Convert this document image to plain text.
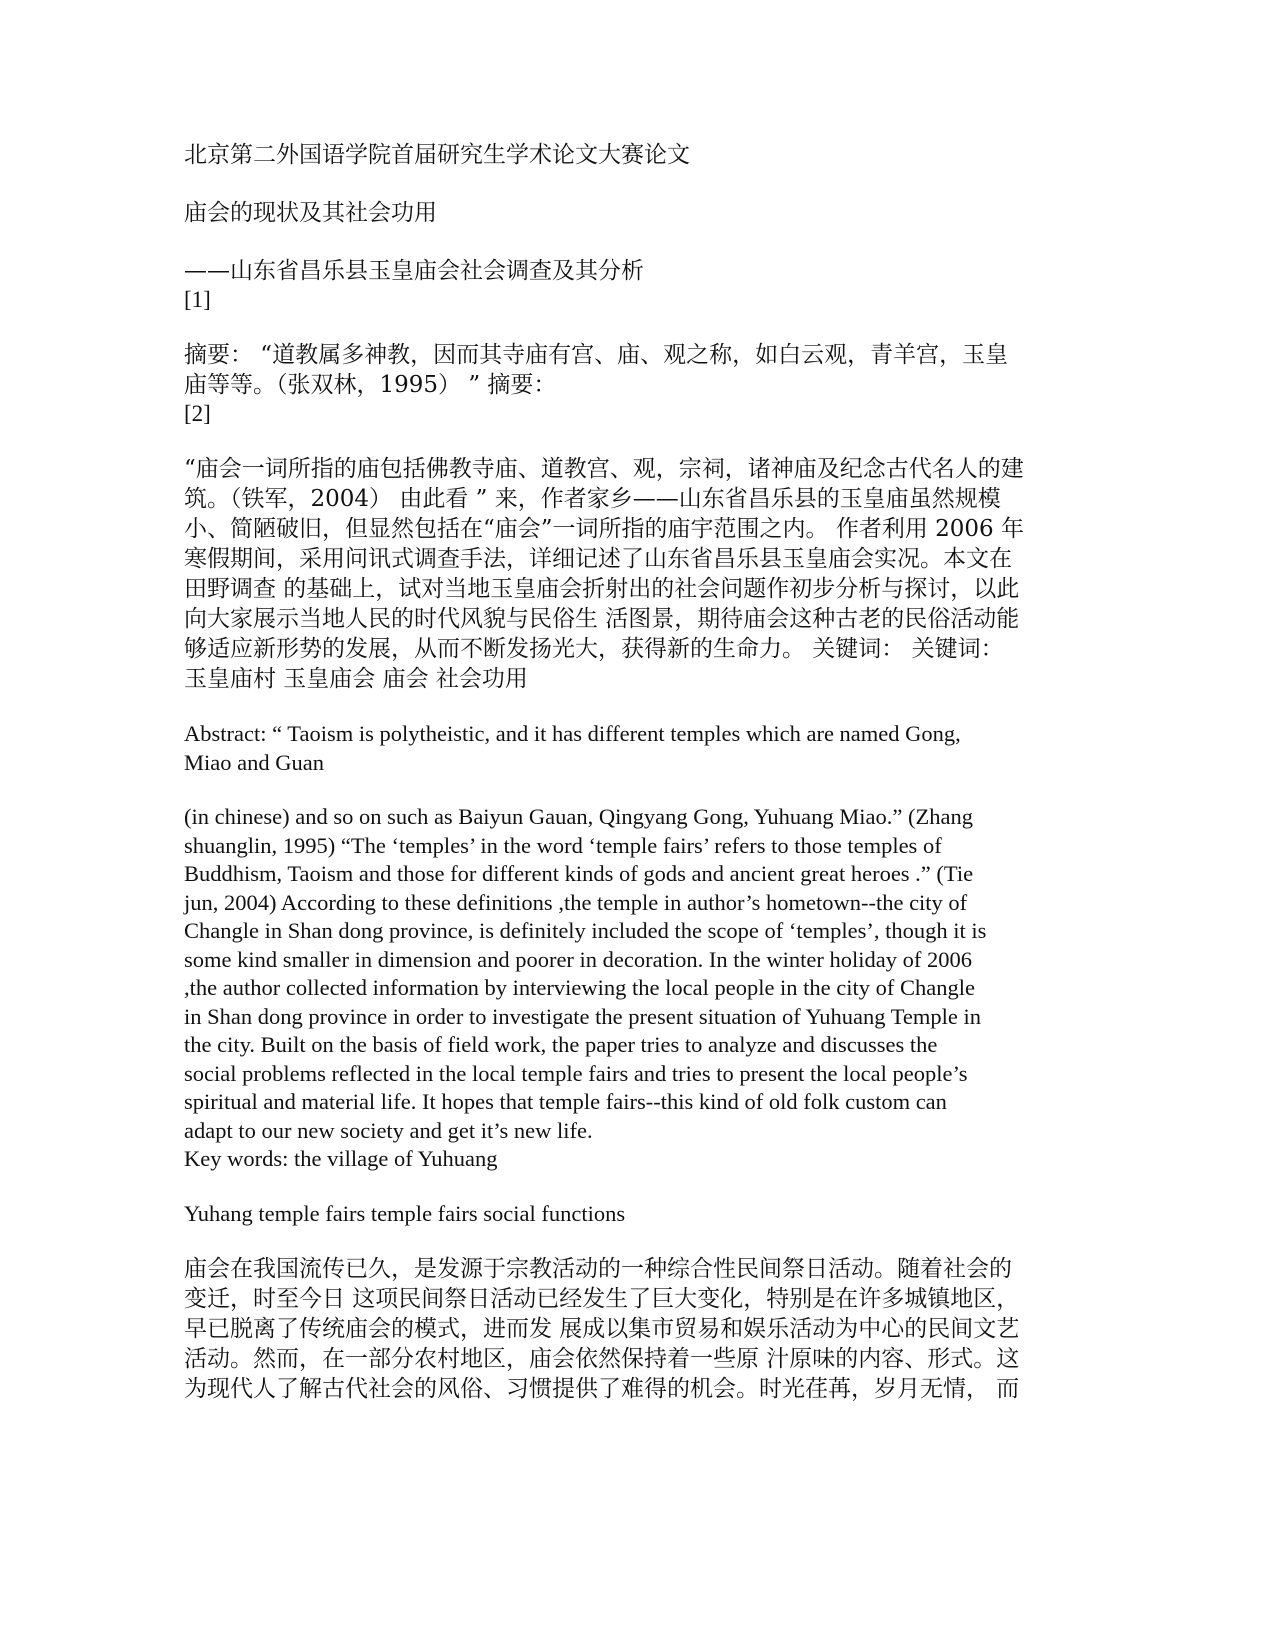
北京第二外国语学院首届研究生学术论文大赛论文

庙会的现状及其社会功用

——山东省昌乐县玉皇庙会社会调查及其分析

[1]

摘要： “道教属多神教，因而其寺庙有宫、庙、观之称，如白云观，青羊宫，玉皇

庙等等。（张双林，1995） ” 摘要：

[2]

“庙会一词所指的庙包括佛教寺庙、道教宫、观，宗祠，诸神庙及纪念古代名人的建

筑。（铁军，2004） 由此看 ” 来，作者家乡——山东省昌乐县的玉皇庙虽然规模

小、简陋破旧，但显然包括在“庙会”一词所指的庙宇范围之内。 作者利用 2006 年

寒假期间，采用问讯式调查手法，详细记述了山东省昌乐县玉皇庙会实况。本文在

田野调查 的基础上，试对当地玉皇庙会折射出的社会问题作初步分析与探讨，以此

向大家展示当地人民的时代风貌与民俗生 活图景，期待庙会这种古老的民俗活动能

够适应新形势的发展，从而不断发扬光大，获得新的生命力。 关键词： 关键词：

玉皇庙村 玉皇庙会 庙会 社会功用

Abstract: “ Taoism is polytheistic, and it has different temples which are named Gong,

Miao and Guan

(in chinese) and so on such as Baiyun Gauan, Qingyang Gong, Yuhuang Miao.” (Zhang

shuanglin, 1995) “The ‘temples’ in the word ‘temple fairs’ refers to those temples of

Buddhism, Taoism and those for different kinds of gods and ancient great heroes .” (Tie

jun, 2004) According to these definitions ,the temple in author’s hometown--the city of

Changle in Shan dong province, is definitely included the scope of ‘temples’, though it is

some kind smaller in dimension and poorer in decoration. In the winter holiday of 2006

,the author collected information by interviewing the local people in the city of Changle

in Shan dong province in order to investigate the present situation of Yuhuang Temple in

the city. Built on the basis of field work, the paper tries to analyze and discusses the

social problems reflected in the local temple fairs and tries to present the local people’s

spiritual and material life. It hopes that temple fairs--this kind of old folk custom can

adapt to our new society and get it’s new life.

Key words: the village of Yuhuang

Yuhang temple fairs temple fairs social functions

庙会在我国流传已久，是发源于宗教活动的一种综合性民间祭日活动。随着社会的

变迁，时至今日 这项民间祭日活动已经发生了巨大变化，特别是在许多城镇地区，

早已脱离了传统庙会的模式，进而发 展成以集市贸易和娱乐活动为中心的民间文艺

活动。然而，在一部分农村地区，庙会依然保持着一些原 汁原味的内容、形式。这

为现代人了解古代社会的风俗、习惯提供了难得的机会。时光荏苒，岁月无情， 而
